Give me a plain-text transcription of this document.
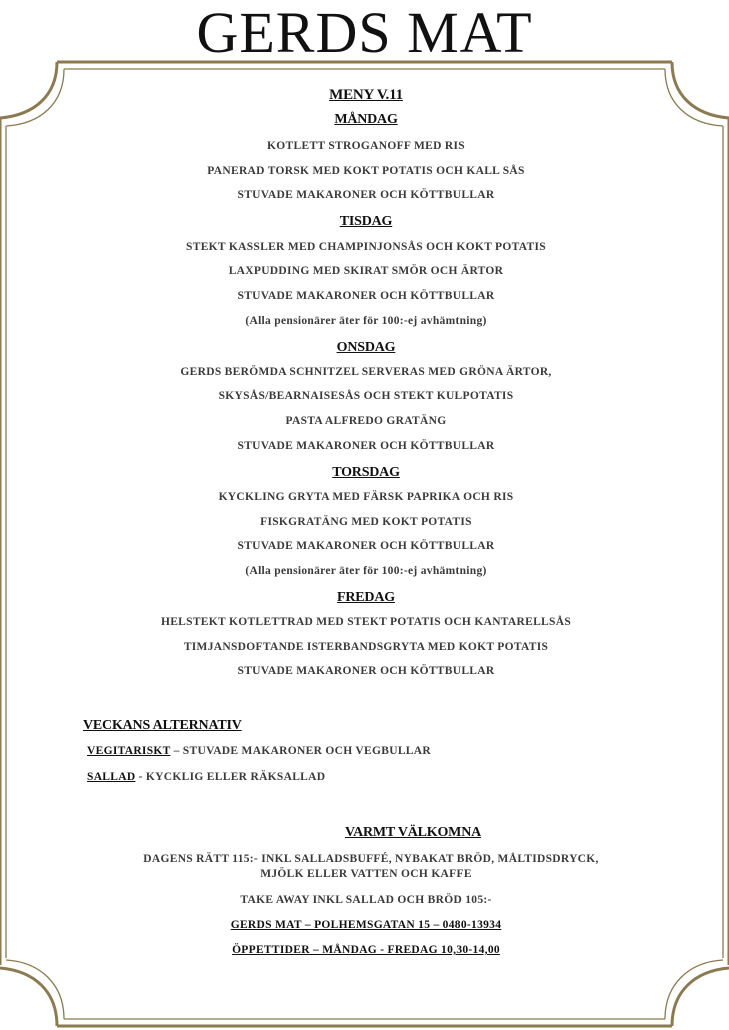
GERDS MAT
MENY V.11
MÅNDAG
KOTLETT STROGANOFF MED RIS
PANERAD TORSK MED KOKT POTATIS OCH KALL SÅS
STUVADE MAKARONER OCH KÖTTBULLAR
TISDAG
STEKT KASSLER MED CHAMPINJONSÅS OCH KOKT POTATIS
LAXPUDDING MED SKIRAT SMÖR OCH ÄRTOR
STUVADE MAKARONER OCH KÖTTBULLAR
(Alla pensionärer äter för 100:-ej avhämtning)
ONSDAG
GERDS BERÖMDA SCHNITZEL SERVERAS MED GRÖNA ÄRTOR,
SKYSÅS/BEARNAISESÅS OCH STEKT KULPOTATIS
PASTA ALFREDO GRATÄNG
STUVADE MAKARONER OCH KÖTTBULLAR
TORSDAG
KYCKLING GRYTA MED FÄRSK PAPRIKA OCH RIS
FISKGRATÄNG MED KOKT POTATIS
STUVADE MAKARONER OCH KÖTTBULLAR
(Alla pensionärer äter för 100:-ej avhämtning)
FREDAG
HELSTEKT KOTLETTRAD MED STEKT POTATIS OCH KANTARELLSÅS
TIMJANSDOFTANDE ISTERBANDSGRYTA MED KOKT POTATIS
STUVADE MAKARONER OCH KÖTTBULLAR
VECKANS ALTERNATIV
VEGITARISKT – STUVADE MAKARONER OCH VEGBULLAR
SALLAD - KYCKLIG ELLER RÄKSALLAD
VARMT VÄLKOMNA
DAGENS RÄTT 115:- INKL SALLADSBUFFÉ, NYBAKAT BRÖD, MÅLTIDSDRYCK,
MJÖLK ELLER VATTEN OCH KAFFE
TAKE AWAY INKL SALLAD OCH BRÖD 105:-
GERDS MAT – POLHEMSGATAN 15 – 0480-13934
ÖPPETTIDER – MÅNDAG - FREDAG 10,30-14,00
